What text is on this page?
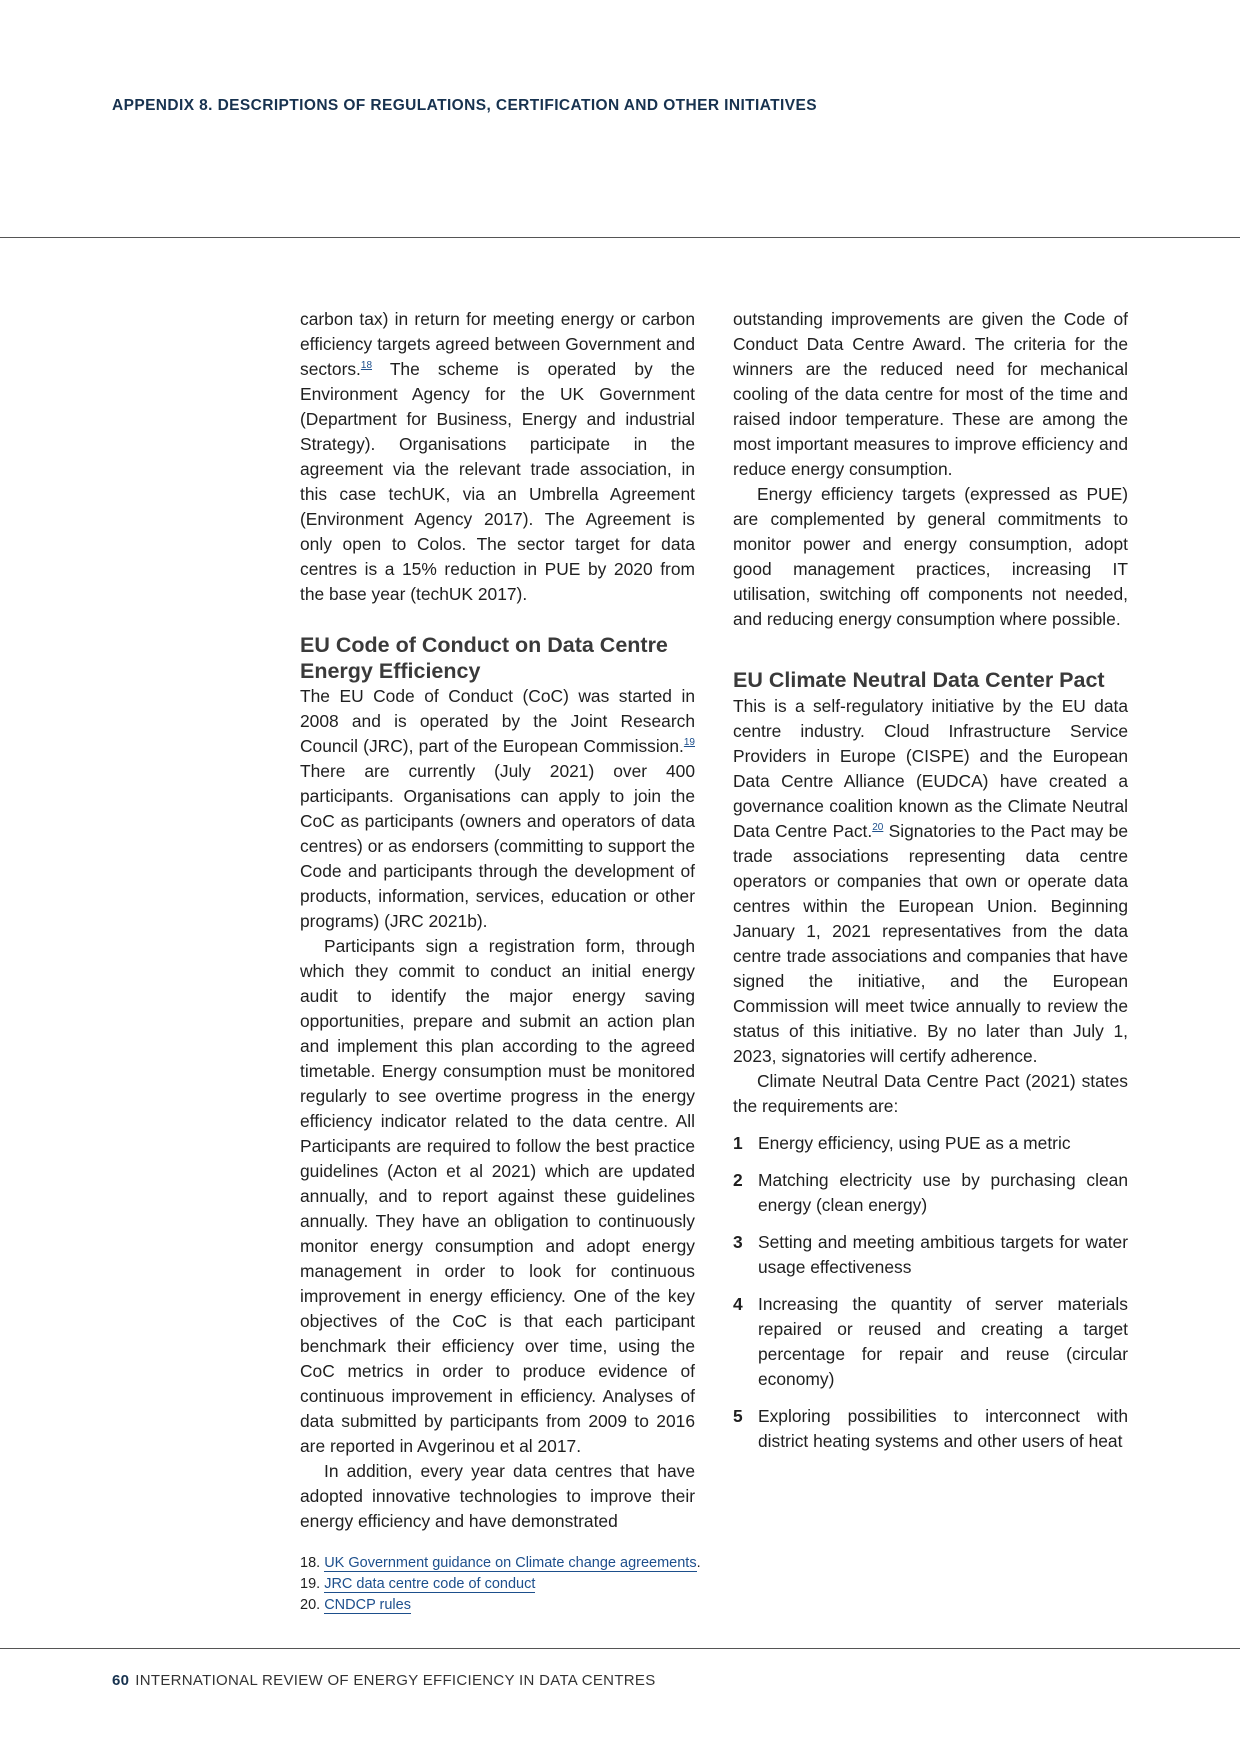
APPENDIX 8. DESCRIPTIONS OF REGULATIONS, CERTIFICATION AND OTHER INITIATIVES

carbon tax) in return for meeting energy or carbon efficiency targets agreed between Government and sectors.$^{18}$ The scheme is operated by the Environment Agency for the UK Government (Department for Business, Energy and industrial Strategy). Organisations participate in the agreement via the relevant trade association, in this case techUK, via an Umbrella Agreement (Environment Agency 2017). The Agreement is only open to Colos. The sector target for data centres is a 15% reduction in PUE by 2020 from the base year (techUK 2017).

EU Code of Conduct on Data Centre Energy Efficiency

The EU Code of Conduct (CoC) was started in 2008 and is operated by the Joint Research Council (JRC), part of the European Commission.$^{19}$ There are currently (July 2021) over 400 participants. Organisations can apply to join the CoC as participants (owners and operators of data centres) or as endorsers (committing to support the Code and participants through the development of products, information, services, education or other programs) (JRC 2021b).

Participants sign a registration form, through which they commit to conduct an initial energy audit to identify the major energy saving opportunities, prepare and submit an action plan and implement this plan according to the agreed timetable. Energy consumption must be monitored regularly to see overtime progress in the energy efficiency indicator related to the data centre. All Participants are required to follow the best practice guidelines (Acton et al 2021) which are updated annually, and to report against these guidelines annually. They have an obligation to continuously monitor energy consumption and adopt energy management in order to look for continuous improvement in energy efficiency. One of the key objectives of the CoC is that each participant benchmark their efficiency over time, using the CoC metrics in order to produce evidence of continuous improvement in efficiency. Analyses of data submitted by participants from 2009 to 2016 are reported in Avgerinou et al 2017.

In addition, every year data centres that have adopted innovative technologies to improve their energy efficiency and have demonstrated

outstanding improvements are given the Code of Conduct Data Centre Award. The criteria for the winners are the reduced need for mechanical cooling of the data centre for most of the time and raised indoor temperature. These are among the most important measures to improve efficiency and reduce energy consumption.

Energy efficiency targets (expressed as PUE) are complemented by general commitments to monitor power and energy consumption, adopt good management practices, increasing IT utilisation, switching off components not needed, and reducing energy consumption where possible.

EU Climate Neutral Data Center Pact

This is a self-regulatory initiative by the EU data centre industry. Cloud Infrastructure Service Providers in Europe (CISPE) and the European Data Centre Alliance (EUDCA) have created a governance coalition known as the Climate Neutral Data Centre Pact.$^{20}$ Signatories to the Pact may be trade associations representing data centre operators or companies that own or operate data centres within the European Union. Beginning January 1, 2021 representatives from the data centre trade associations and companies that have signed the initiative, and the European Commission will meet twice annually to review the status of this initiative. By no later than July 1, 2023, signatories will certify adherence.

Climate Neutral Data Centre Pact (2021) states the requirements are:

1 Energy efficiency, using PUE as a metric
2 Matching electricity use by purchasing clean energy (clean energy)
3 Setting and meeting ambitious targets for water usage effectiveness
4 Increasing the quantity of server materials repaired or reused and creating a target percentage for repair and reuse (circular economy)
5 Exploring possibilities to interconnect with district heating systems and other users of heat
18. UK Government guidance on Climate change agreements.
19. JRC data centre code of conduct
20. CNDCP rules
60 INTERNATIONAL REVIEW OF ENERGY EFFICIENCY IN DATA CENTRES
